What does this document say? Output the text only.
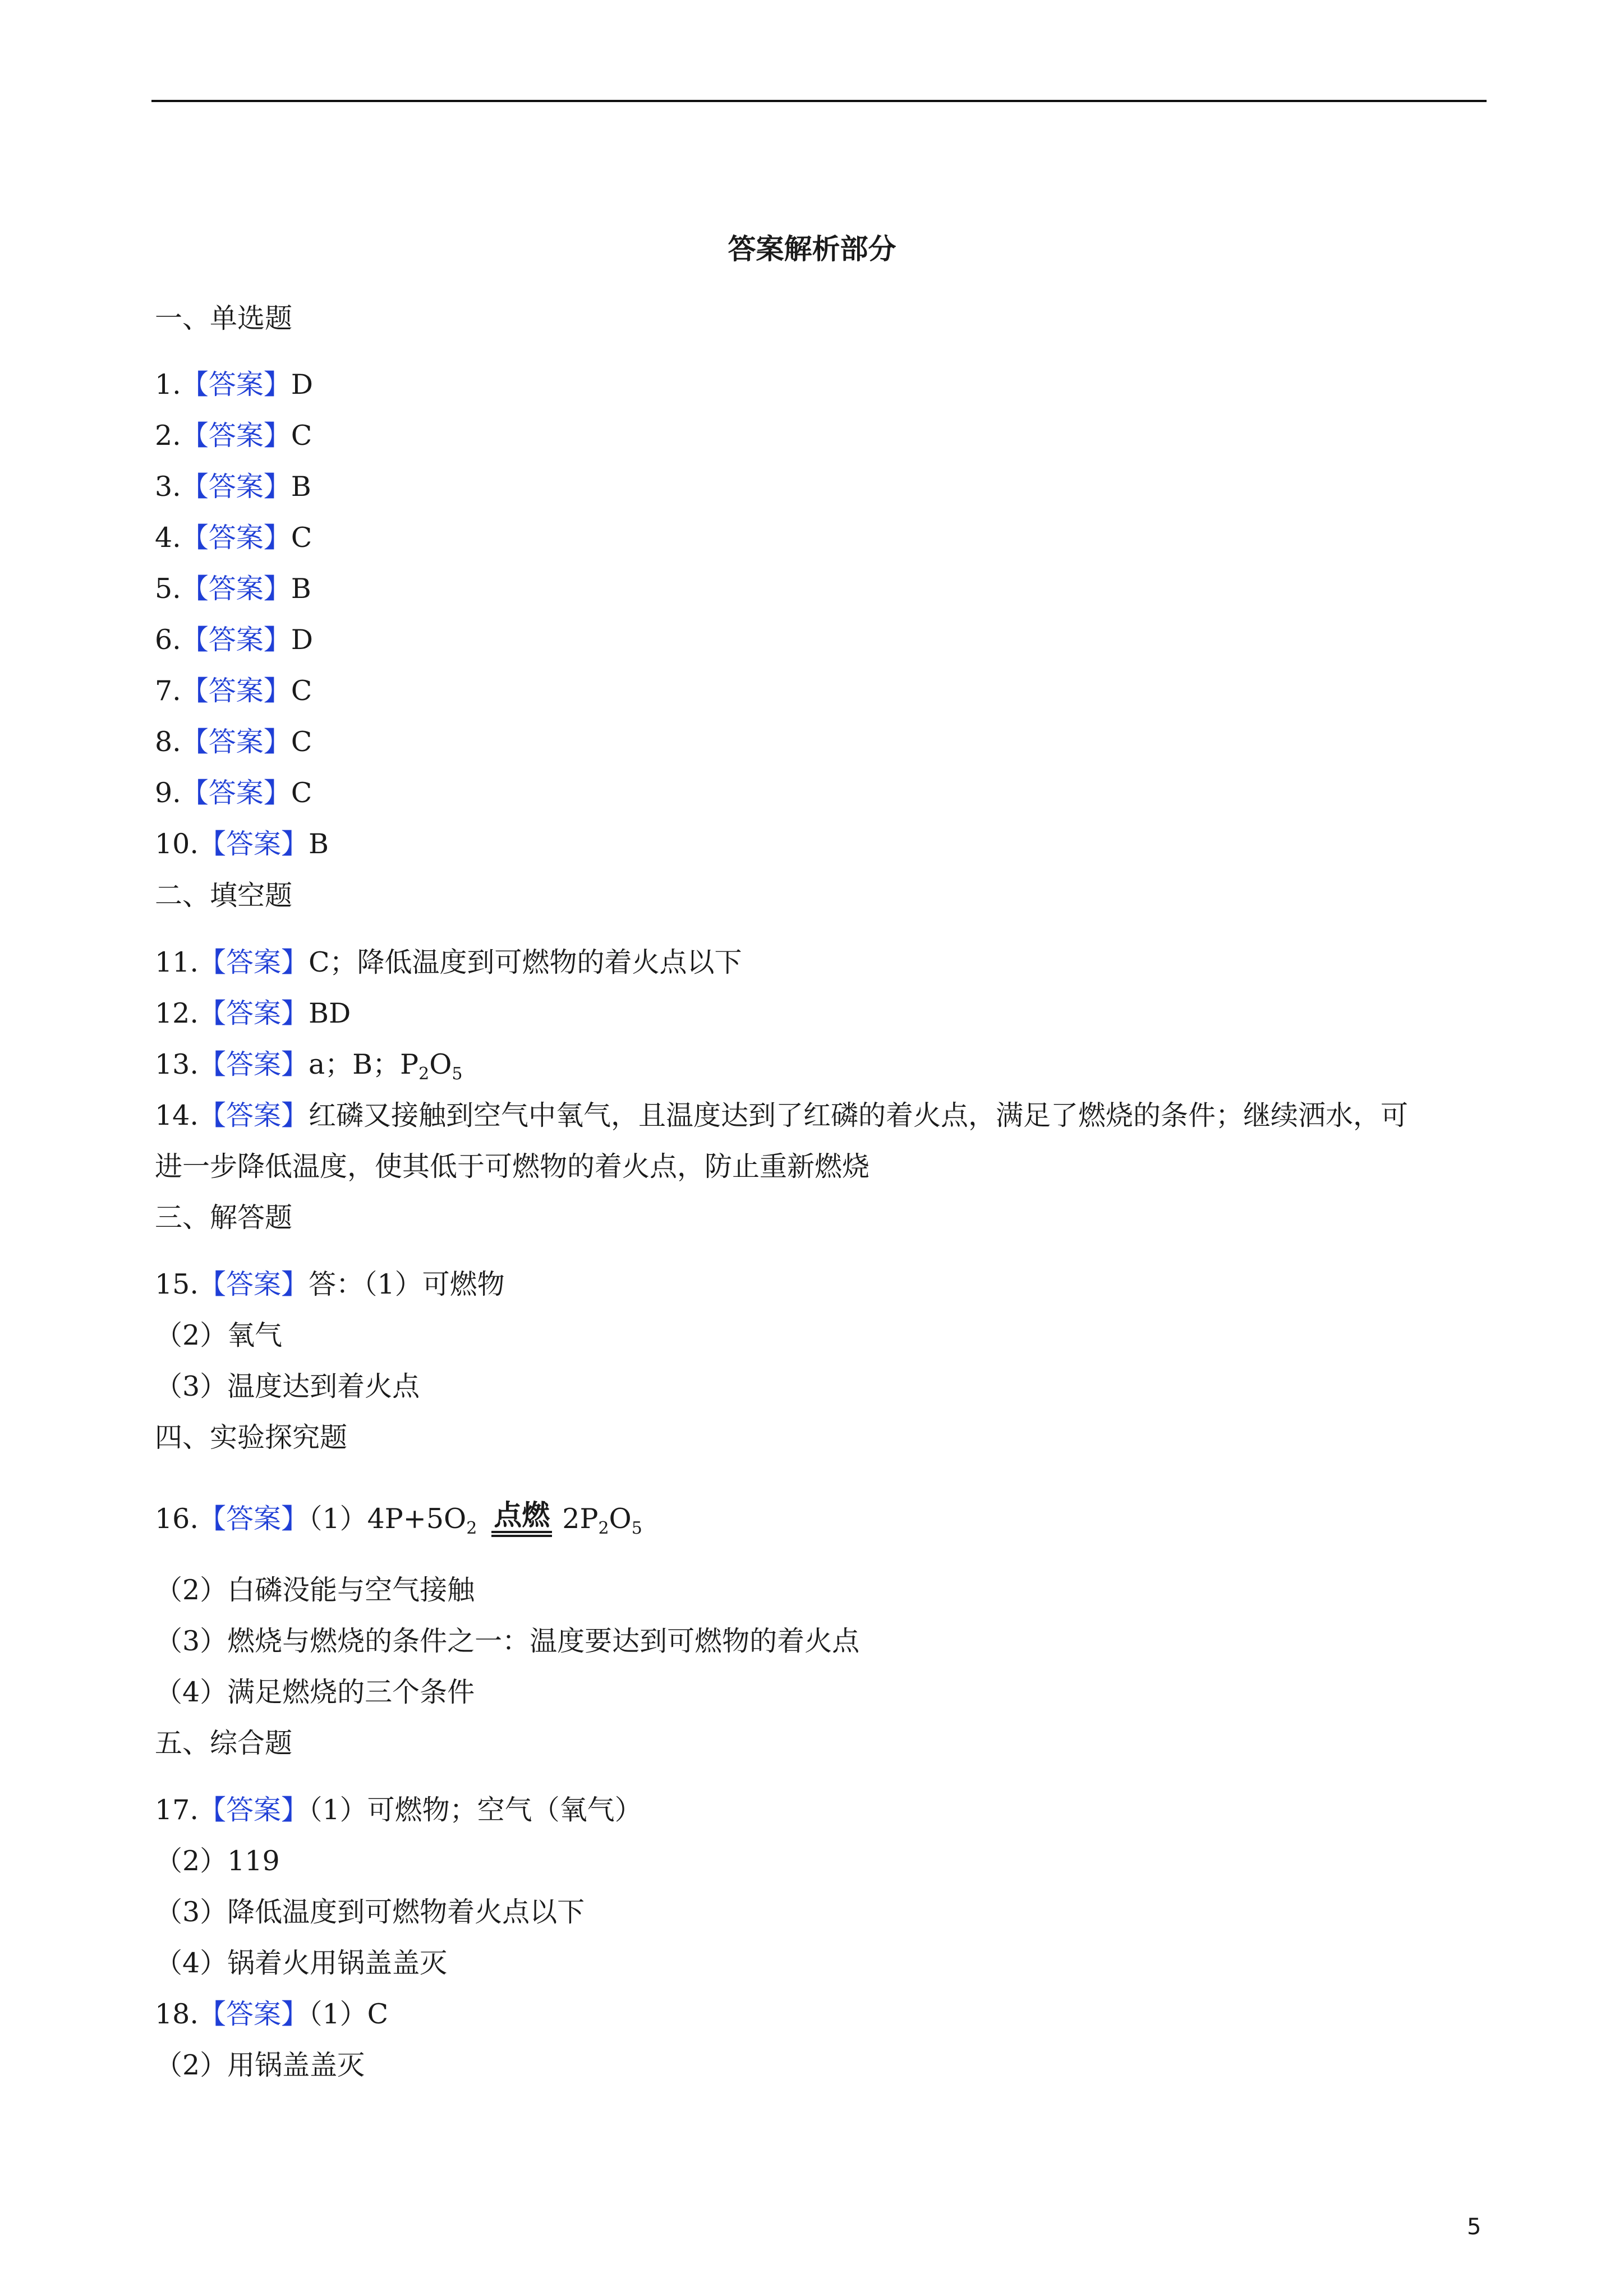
答案解析部分
一、单选题
1.【答案】D
2.【答案】C
3.【答案】B
4.【答案】C
5.【答案】B
6.【答案】D
7.【答案】C
8.【答案】C
9.【答案】C
10.【答案】B
二、填空题
11.【答案】C；降低温度到可燃物的着火点以下
12.【答案】BD
13.【答案】a；B；$P_2O_5$
14.【答案】红磷又接触到空气中氧气，且温度达到了红磷的着火点，满足了燃烧的条件；继续洒水，可
进一步降低温度，使其低于可燃物的着火点，防止重新燃烧
三、解答题
15.【答案】答：（1）可燃物
（2）氧气
（3）温度达到着火点
四、实验探究题
16.【答案】$(1)4P+5O_2$ 点燃 $2P_2O_5$
（2）白磷没能与空气接触
（3）燃烧与燃烧的条件之一：温度要达到可燃物的着火点
（4）满足燃烧的三个条件
五、综合题
17.【答案】（1）可燃物；空气（氧气）
（2）119
（3）降低温度到可燃物着火点以下
（4）锅着火用锅盖盖灭
18.【答案】（1）C
（2）用锅盖盖灭
5
